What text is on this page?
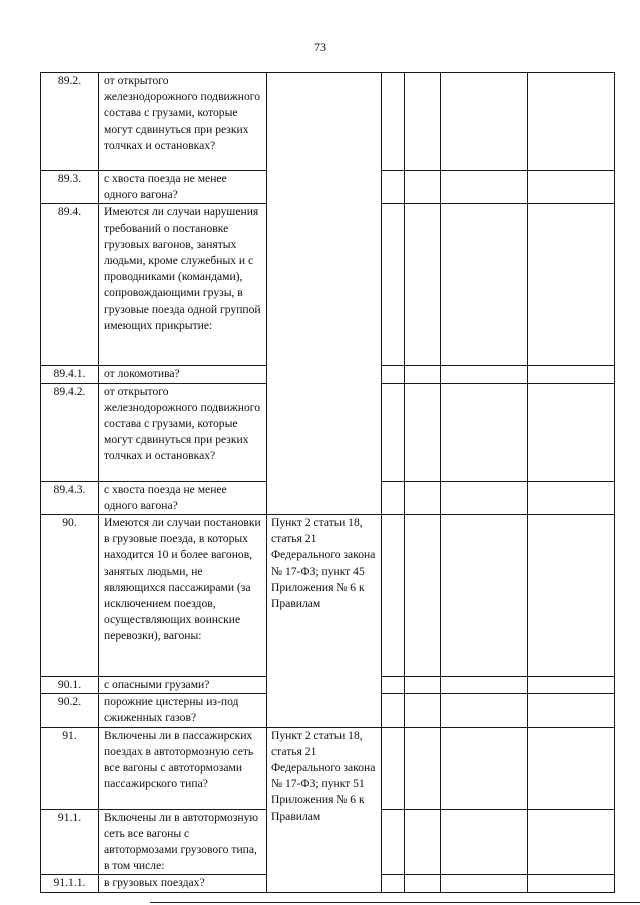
73
89.2.	от открытого железнодорожного подвижного состава с грузами, которые могут сдвинуться при резких толчках и остановках?					
89.3.	с хвоста поезда не менее одного вагона?					
89.4.	Имеются ли случаи нарушения требований о постановке грузовых вагонов, занятых людьми, кроме служебных и с проводниками (командами), сопровождающими грузы, в грузовые поезда одной группой имеющих прикрытие:					
89.4.1.	от локомотива?					
89.4.2.	от открытого железнодорожного подвижного состава с грузами, которые могут сдвинуться при резких толчках и остановках?					
89.4.3.	с хвоста поезда не менее одного вагона?					
90.	Имеются ли случаи постановки в грузовые поезда, в которых находится 10 и более вагонов, занятых людьми, не являющихся пассажирами (за исключением поездов, осуществляющих воинские перевозки), вагоны:	Пункт 2 статьи 18, статья 21 Федерального закона № 17-ФЗ; пункт 45 Приложения № 6 к Правилам				
90.1.	с опасными грузами?					
90.2.	порожние цистерны из-под сжиженных газов?					
91.	Включены ли в пассажирских поездах в автотормозную сеть все вагоны с автотормозами пассажирского типа?	Пункт 2 статьи 18, статья 21 Федерального закона № 17-ФЗ; пункт 51 Приложения № 6 к Правилам				
91.1.	Включены ли в автотормозную сеть все вагоны с автотормозами грузового типа, в том числе:					
91.1.1.	в грузовых поездах?					
